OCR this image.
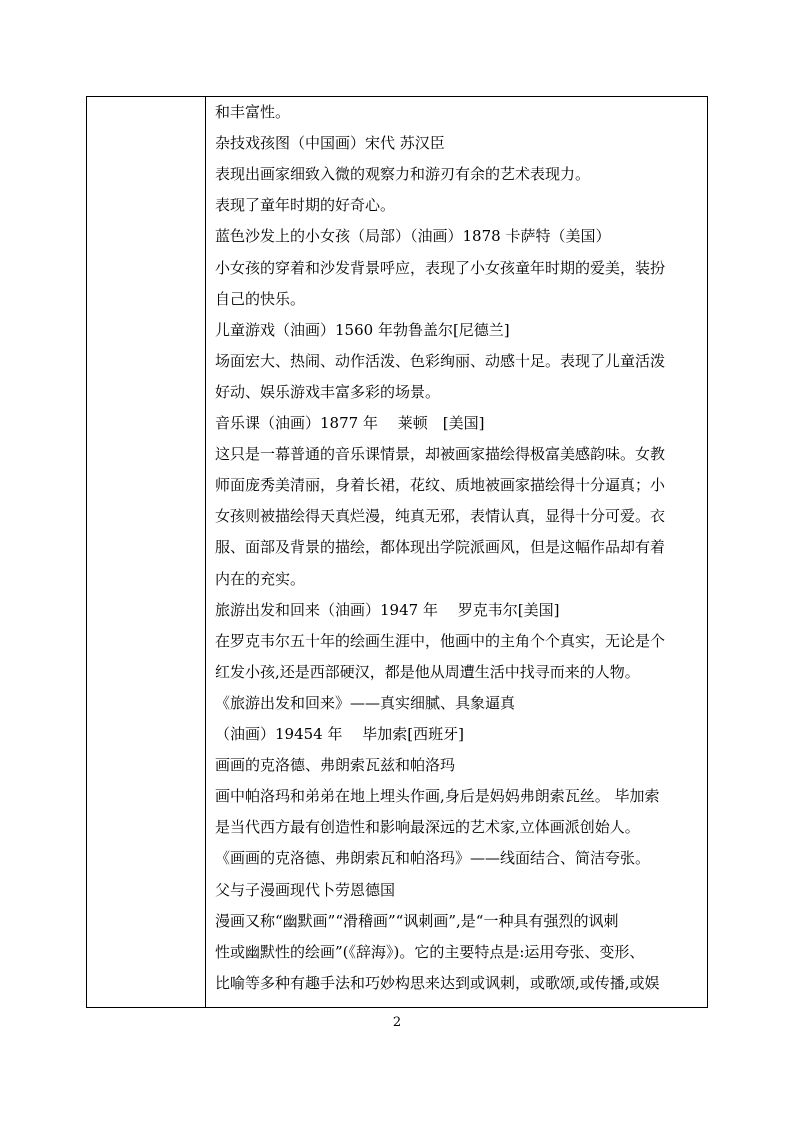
和丰富性。
杂技戏孩图（中国画）宋代 苏汉臣
表现出画家细致入微的观察力和游刃有余的艺术表现力。
表现了童年时期的好奇心。
蓝色沙发上的小女孩（局部）（油画）1878 卡萨特（美国）
小女孩的穿着和沙发背景呼应，表现了小女孩童年时期的爱美，装扮
自己的快乐。
儿童游戏（油画）1560 年勃鲁盖尔[尼德兰]
场面宏大、热闹、动作活泼、色彩绚丽、动感十足。表现了儿童活泼
好动、娱乐游戏丰富多彩的场景。
音乐课（油画）1877 年　 莱顿　[美国]
这只是一幕普通的音乐课情景，却被画家描绘得极富美感韵味。女教
师面庞秀美清丽，身着长裙，花纹、质地被画家描绘得十分逼真；小
女孩则被描绘得天真烂漫，纯真无邪，表情认真，显得十分可爱。衣
服、面部及背景的描绘，都体现出学院派画风，但是这幅作品却有着
内在的充实。
旅游出发和回来（油画）1947 年　 罗克韦尔[美国]
在罗克韦尔五十年的绘画生涯中，他画中的主角个个真实，无论是个
红发小孩,还是西部硬汉，都是他从周遭生活中找寻而来的人物。
《旅游出发和回来》——真实细腻、具象逼真
（油画）19454 年　 毕加索[西班牙]
画画的克洛德、弗朗索瓦兹和帕洛玛
画中帕洛玛和弟弟在地上埋头作画,身后是妈妈弗朗索瓦丝。 毕加索
是当代西方最有创造性和影响最深远的艺术家,立体画派创始人。
《画画的克洛德、弗朗索瓦和帕洛玛》——线面结合、简洁夸张。
父与子漫画现代卜劳恩德国
漫画又称“幽默画”“滑稽画”“讽刺画”,是“一种具有强烈的讽刺
性或幽默性的绘画”(《辞海》)。它的主要特点是:运用夸张、变形、
比喻等多种有趣手法和巧妙构思来达到或讽刺，或歌颂,或传播,或娱
2
